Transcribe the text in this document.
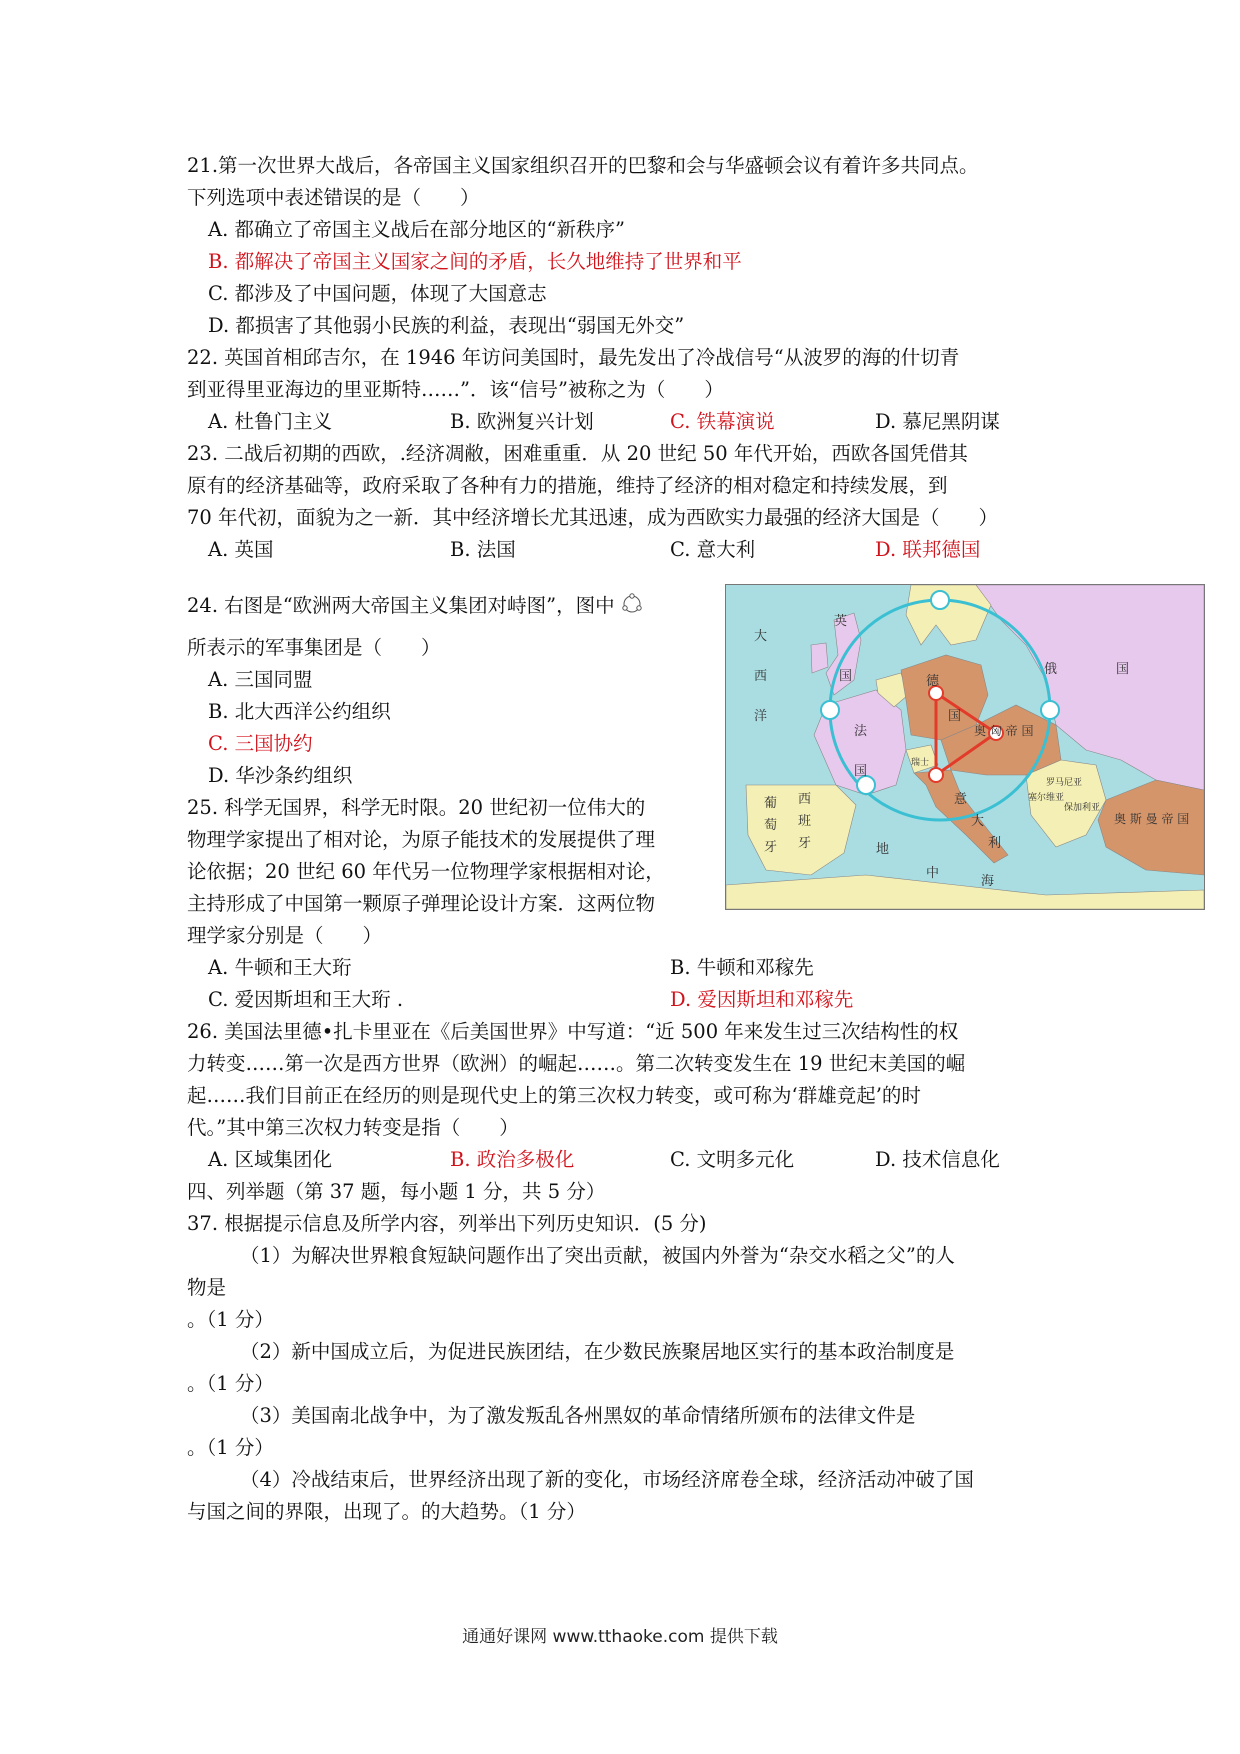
21.第一次世界大战后，各帝国主义国家组织召开的巴黎和会与华盛顿会议有着许多共同点。
下列选项中表述错误的是（　　）
A. 都确立了帝国主义战后在部分地区的“新秩序”
B. 都解决了帝国主义国家之间的矛盾，长久地维持了世界和平
C. 都涉及了中国问题，体现了大国意志
D. 都损害了其他弱小民族的利益，表现出“弱国无外交”
22. 英国首相邱吉尔，在 1946 年访问美国时，最先发出了冷战信号“从波罗的海的什切青
到亚得里亚海边的里亚斯特……”．该“信号”被称之为（　　）
A. 杜鲁门主义	B. 欧洲复兴计划	C. 铁幕演说	D. 慕尼黑阴谋
23. 二战后初期的西欧，.经济凋敝，困难重重．从 20 世纪 50 年代开始，西欧各国凭借其
原有的经济基础等，政府采取了各种有力的措施，维持了经济的相对稳定和持续发展，到
70 年代初，面貌为之一新．其中经济增长尤其迅速，成为西欧实力最强的经济大国是（　　）
A. 英国	B. 法国	C. 意大利	D. 联邦德国
24. 右图是“欧洲两大帝国主义集团对峙图”，图中
所表示的军事集团是（　　）
A. 三国同盟
B. 北大西洋公约组织
C. 三国协约
D. 华沙条约组织
25. 科学无国界，科学无时限。20 世纪初一位伟大的
物理学家提出了相对论，为原子能技术的发展提供了理
论依据；20 世纪 60 年代另一位物理学家根据相对论，
主持形成了中国第一颗原子弹理论设计方案．这两位物
理学家分别是（　　）
A. 牛顿和王大珩	B. 牛顿和邓稼先
C. 爱因斯坦和王大珩 .	D. 爱因斯坦和邓稼先
26. 美国法里德•扎卡里亚在《后美国世界》中写道：“近 500 年来发生过三次结构性的权
力转变……第一次是西方世界（欧洲）的崛起……。第二次转变发生在 19 世纪末美国的崛
起……我们目前正在经历的则是现代史上的第三次权力转变，或可称为‘群雄竞起’的时
代。”其中第三次权力转变是指（　　）
A. 区域集团化	B. 政治多极化	C. 文明多元化	D. 技术信息化
四、列举题（第 37 题，每小题 1 分，共 5 分）
37. 根据提示信息及所学内容，列举出下列历史知识．(5 分)
（1）为解决世界粮食短缺问题作出了突出贡献，被国内外誉为“杂交水稻之父”的人
物是
。（1 分）
（2）新中国成立后，为促进民族团结，在少数民族聚居地区实行的基本政治制度是
。（1 分）
（3）美国南北战争中，为了激发叛乱各州黑奴的革命情绪所颁布的法律文件是
。（1 分）
（4）冷战结束后，世界经济出现了新的变化，市场经济席卷全球，经济活动冲破了国
与国之间的界限，出现了。的大趋势。（1 分）
大
西
洋
英
国
法
国
德
国
俄	国
奥 匈 帝 国
意
大
利
西
班
牙
葡
萄
牙	地
中
海
奥 斯 曼 帝 国
罗马尼亚
保加利亚
塞尔维亚
瑞士
通通好课网 www.tthaoke.com 提供下载
